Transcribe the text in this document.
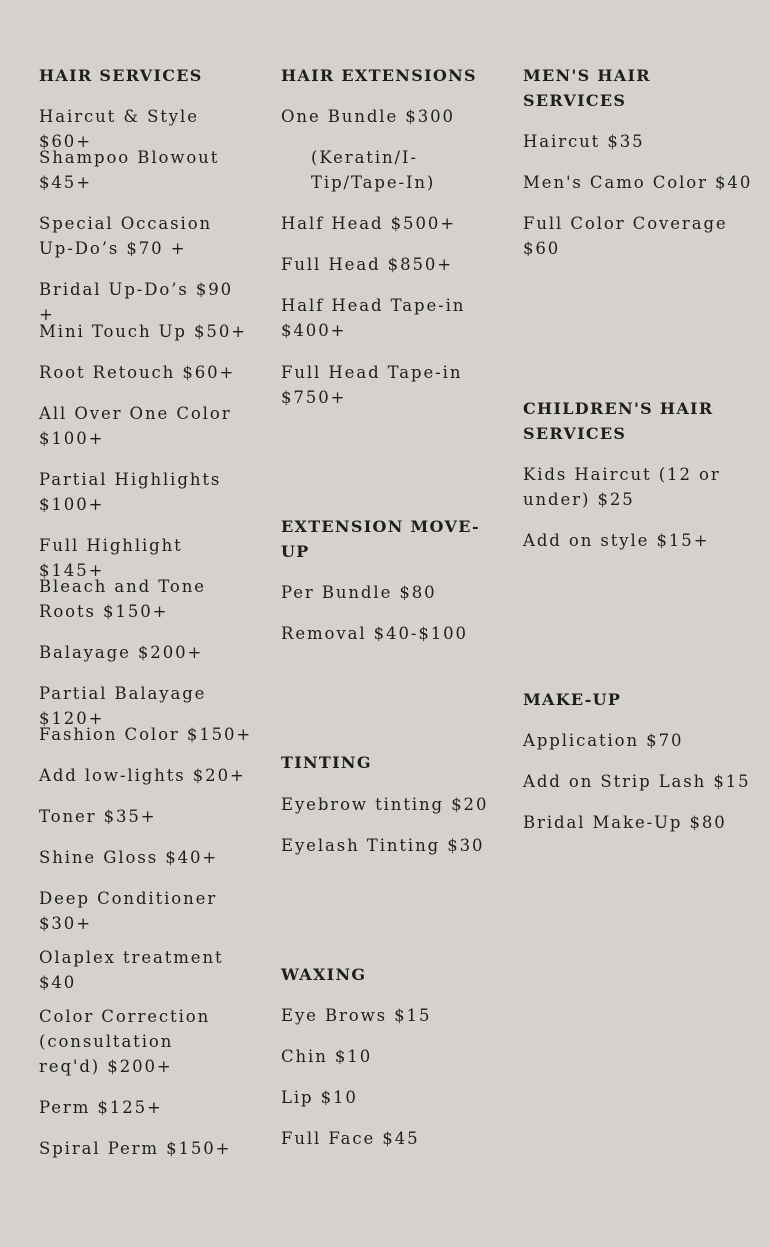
HAIR SERVICES

Haircut & Style $60+

Shampoo Blowout $45+

Special Occasion Up-Do’s $70 +

Bridal Up-Do’s $90 +

Mini Touch Up $50+

Root Retouch $60+

All Over One Color $100+

Partial Highlights $100+

Full Highlight $145+

Bleach and Tone Roots $150+

Balayage $200+

Partial Balayage $120+

Fashion Color $150+

Add low-lights $20+

Toner $35+

Shine Gloss $40+

Deep Conditioner $30+

Olaplex treatment $40

Color Correction (consultation req'd) $200+

Perm $125+

Spiral Perm $150+

HAIR EXTENSIONS

One Bundle $300

(Keratin/I-Tip/Tape-In)

Half Head $500+

Full Head $850+

Half Head Tape-in $400+

Full Head Tape-in $750+

EXTENSION MOVE-UP

Per Bundle $80

Removal $40-$100

TINTING

Eyebrow tinting $20

Eyelash Tinting $30

WAXING

Eye Brows $15

Chin $10

Lip $10

Full Face $45

MEN'S HAIR SERVICES

Haircut $35

Men's Camo Color $40

Full Color Coverage $60

CHILDREN'S HAIR SERVICES

Kids Haircut (12 or under) $25

Add on style $15+

MAKE-UP

Application $70

Add on Strip Lash $15

Bridal Make-Up $80
